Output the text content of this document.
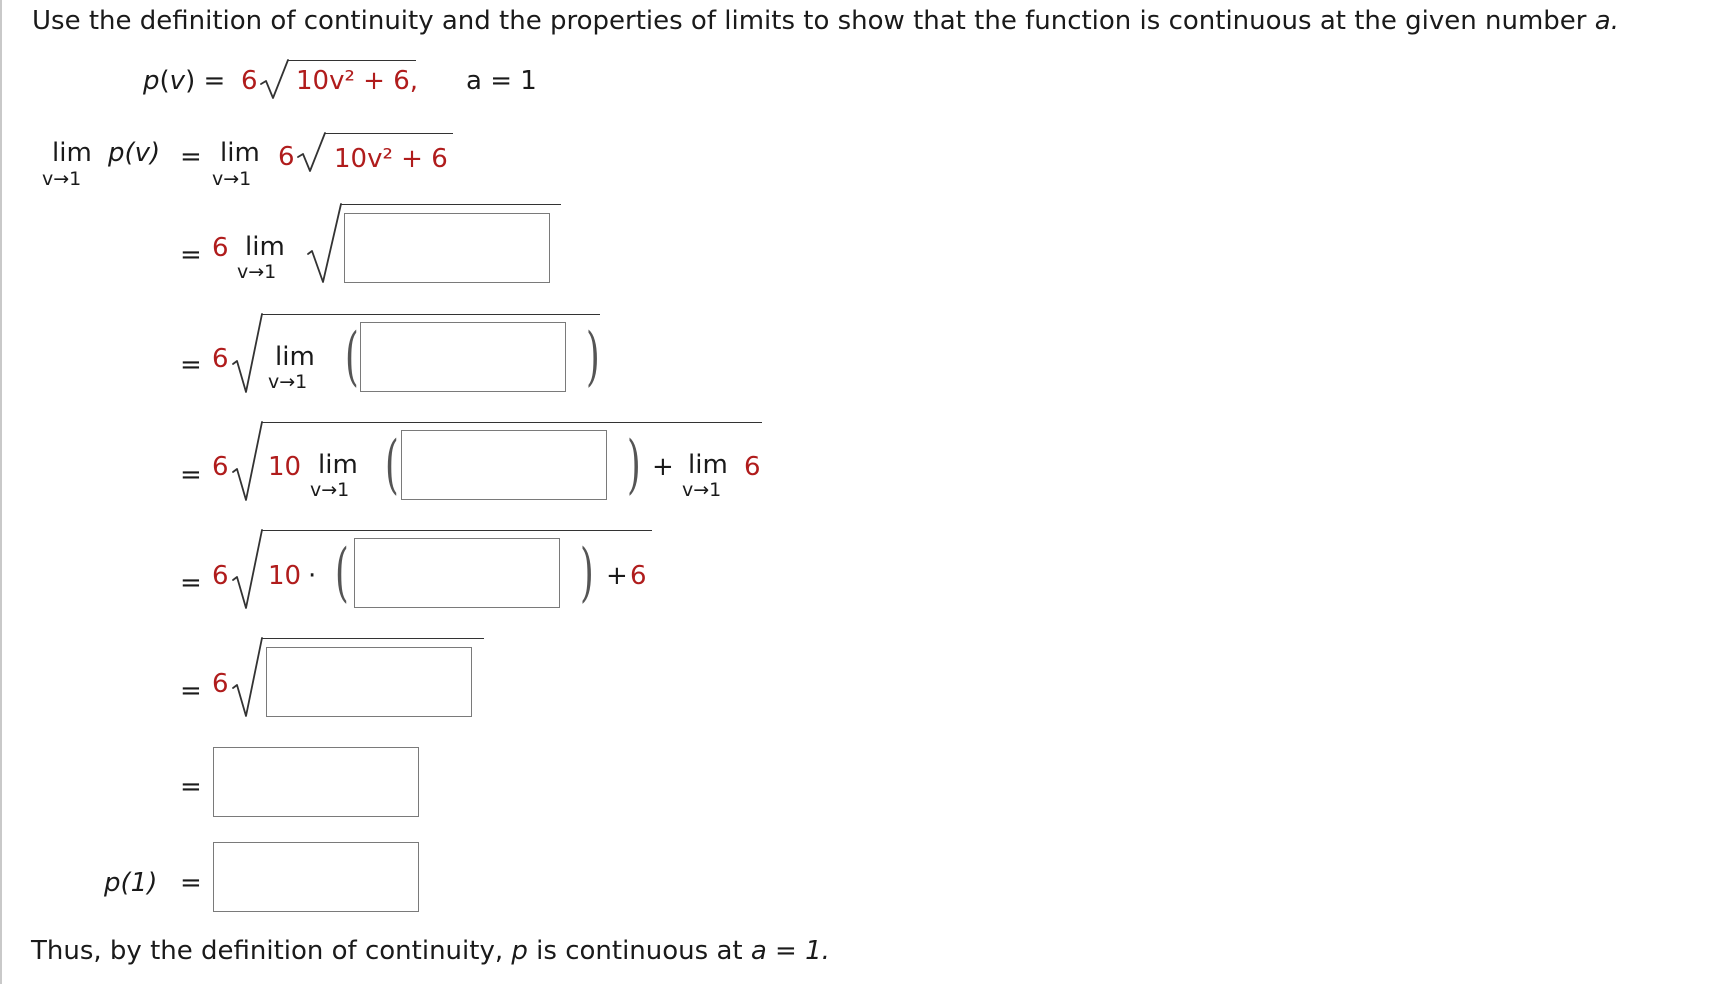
Use the definition of continuity and the properties of limits to show that the function is continuous at the given number a.
p(v) = 6 10v² + 6, a = 1
lim
v→1
p(v) = lim
v→1
6 10v² + 6
= 6 lim
v→1
= 6 lim
v→1 (	)
= 6 10 lim
v→1 (	) + lim
v→1
6
= 6 10 · (	) + 6
= 6
=
p(1) =
Thus, by the definition of continuity, p is continuous at a = 1.
